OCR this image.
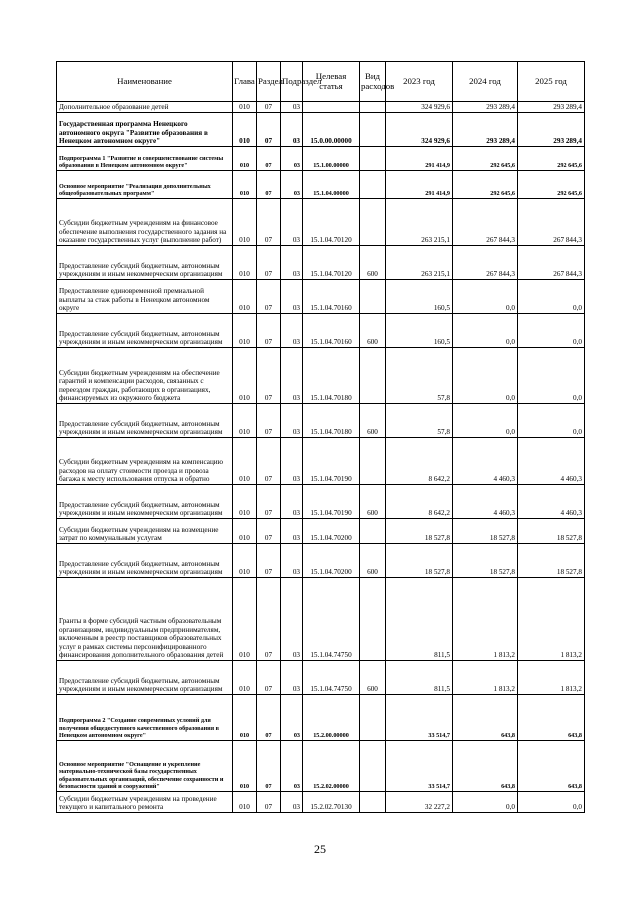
Наименование	Глава	Раздел	Подраздел	Целевая статья	Вид расходов	2023 год	2024 год	2025 год
Дополнительное образование детей	010	07	03			324 929,6	293 289,4	293 289,4
Государственная программа Ненецкого автономного округа "Развитие образования в Ненецком автономном округе"	010	07	03	15.0.00.00000		324 929,6	293 289,4	293 289,4
Подпрограмма 1 "Развитие и совершенствование системы образования в Ненецком автономном округе"	010	07	03	15.1.00.00000		291 414,9	292 645,6	292 645,6
Основное мероприятие "Реализация дополнительных общеобразовательных программ"	010	07	03	15.1.04.00000		291 414,9	292 645,6	292 645,6
Субсидии бюджетным учреждениям на финансовое обеспечение выполнения государственного задания на оказание государственных услуг (выполнение работ)	010	07	03	15.1.04.70120		263 215,1	267 844,3	267 844,3
Предоставление субсидий бюджетным, автономным учреждениям и иным некоммерческим организациям	010	07	03	15.1.04.70120	600	263 215,1	267 844,3	267 844,3
Предоставление единовременной премиальной выплаты за стаж работы в Ненецком автономном округе	010	07	03	15.1.04.70160		160,5	0,0	0,0
Предоставление субсидий бюджетным, автономным учреждениям и иным некоммерческим организациям	010	07	03	15.1.04.70160	600	160,5	0,0	0,0
Субсидии бюджетным учреждениям на обеспечение гарантий и компенсации расходов, связанных с переездом граждан, работающих в организациях, финансируемых из окружного бюджета	010	07	03	15.1.04.70180		57,8	0,0	0,0
Предоставление субсидий бюджетным, автономным учреждениям и иным некоммерческим организациям	010	07	03	15.1.04.70180	600	57,8	0,0	0,0
Субсидии бюджетным учреждениям на компенсацию расходов на оплату стоимости проезда и провоза багажа к месту использования отпуска и обратно	010	07	03	15.1.04.70190		8 642,2	4 460,3	4 460,3
Предоставление субсидий бюджетным, автономным учреждениям и иным некоммерческим организациям	010	07	03	15.1.04.70190	600	8 642,2	4 460,3	4 460,3
Субсидии бюджетным учреждениям на возмещение затрат по коммунальным услугам	010	07	03	15.1.04.70200		18 527,8	18 527,8	18 527,8
Предоставление субсидий бюджетным, автономным учреждениям и иным некоммерческим организациям	010	07	03	15.1.04.70200	600	18 527,8	18 527,8	18 527,8
Гранты в форме субсидий частным образовательным организациям, индивидуальным предпринимателям, включенным в реестр поставщиков образовательных услуг в рамках системы персонифицированного финансирования дополнительного образования детей	010	07	03	15.1.04.74750		811,5	1 813,2	1 813,2
Предоставление субсидий бюджетным, автономным учреждениям и иным некоммерческим организациям	010	07	03	15.1.04.74750	600	811,5	1 813,2	1 813,2
Подпрограмма 2 "Создание современных условий для получения общедоступного качественного образования в Ненецком автономном округе"	010	07	03	15.2.00.00000		33 514,7	643,8	643,8
Основное мероприятие "Оснащение и укрепление материально-технической базы государственных образовательных организаций, обеспечение сохранности и безопасности зданий и сооружений"	010	07	03	15.2.02.00000		33 514,7	643,8	643,8
Субсидии бюджетным учреждениям на проведение текущего и капитального ремонта	010	07	03	15.2.02.70130		32 227,2	0,0	0,0
25
